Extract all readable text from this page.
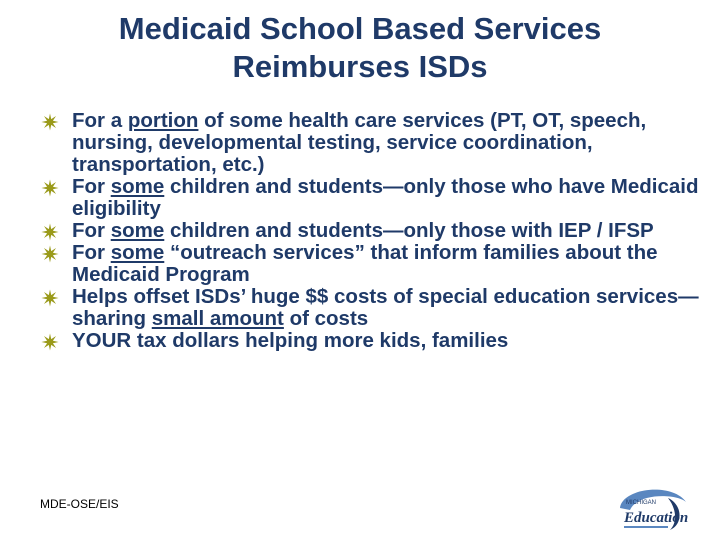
Medicaid School Based Services
Reimburses ISDs
For a portion of some health care services (PT, OT, speech, nursing, developmental testing, service coordination, transportation, etc.)
For some children and students—only those who have Medicaid eligibility
For some children and students—only those with IEP / IFSP
For some “outreach services” that inform families about the Medicaid Program
Helps offset ISDs’ huge $$ costs of special education services—sharing small amount of costs
YOUR tax dollars helping more kids, families
MDE-OSE/EIS	MICHIGAN
Education
